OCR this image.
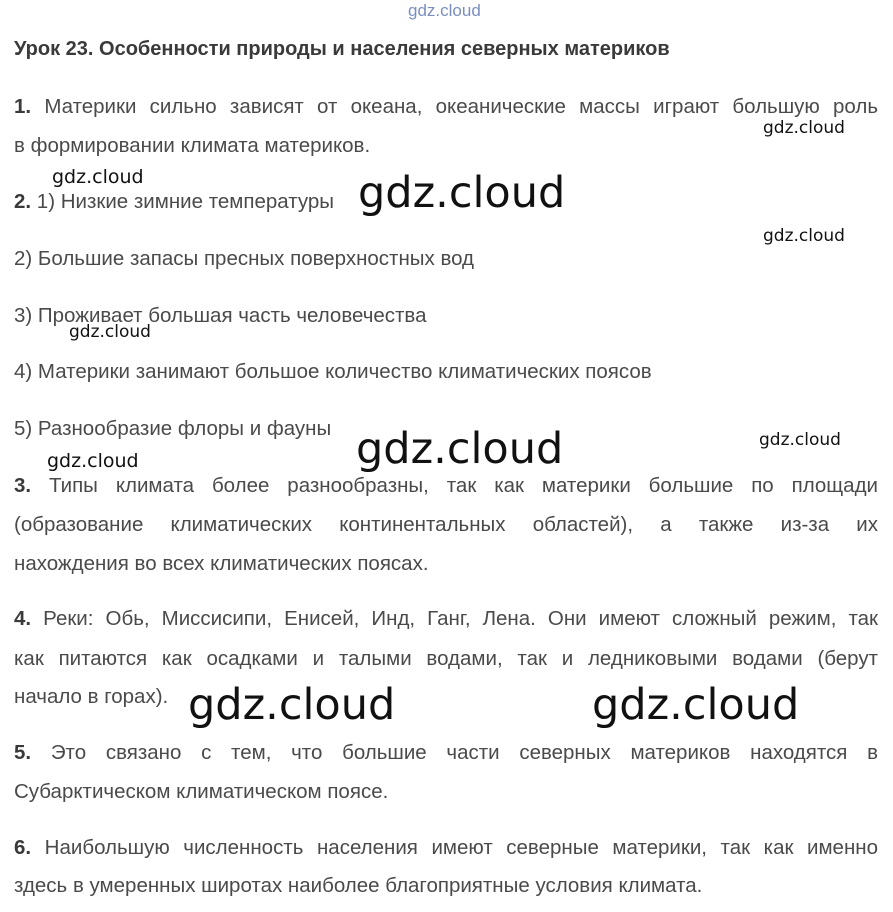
gdz.cloud
Урок 23. Особенности природы и населения северных материков
1. Материки сильно зависят от океана, океанические массы играют большую роль
в формировании климата материков.
2. 1) Низкие зимние температуры
2) Большие запасы пресных поверхностных вод
3) Проживает большая часть человечества
4) Материки занимают большое количество климатических поясов
5) Разнообразие флоры и фауны
3. Типы климата более разнообразны, так как материки большие по площади
(образование климатических континентальных областей), а также из-за их
нахождения во всех климатических поясах.
4. Реки: Обь, Миссисипи, Енисей, Инд, Ганг, Лена. Они имеют сложный режим, так
как питаются как осадками и талыми водами, так и ледниковыми водами (берут
начало в горах).
5. Это связано с тем, что большие части северных материков находятся в
Субарктическом климатическом поясе.
6. Наибольшую численность населения имеют северные материки, так как именно
здесь в умеренных широтах наиболее благоприятные условия климата.
gdz.cloud
gdz.cloud	gdz.cloud
gdz.cloud
gdz.cloud
gdz.cloud
gdz.cloud
gdz.cloud
gdz.cloud	gdz.cloud
